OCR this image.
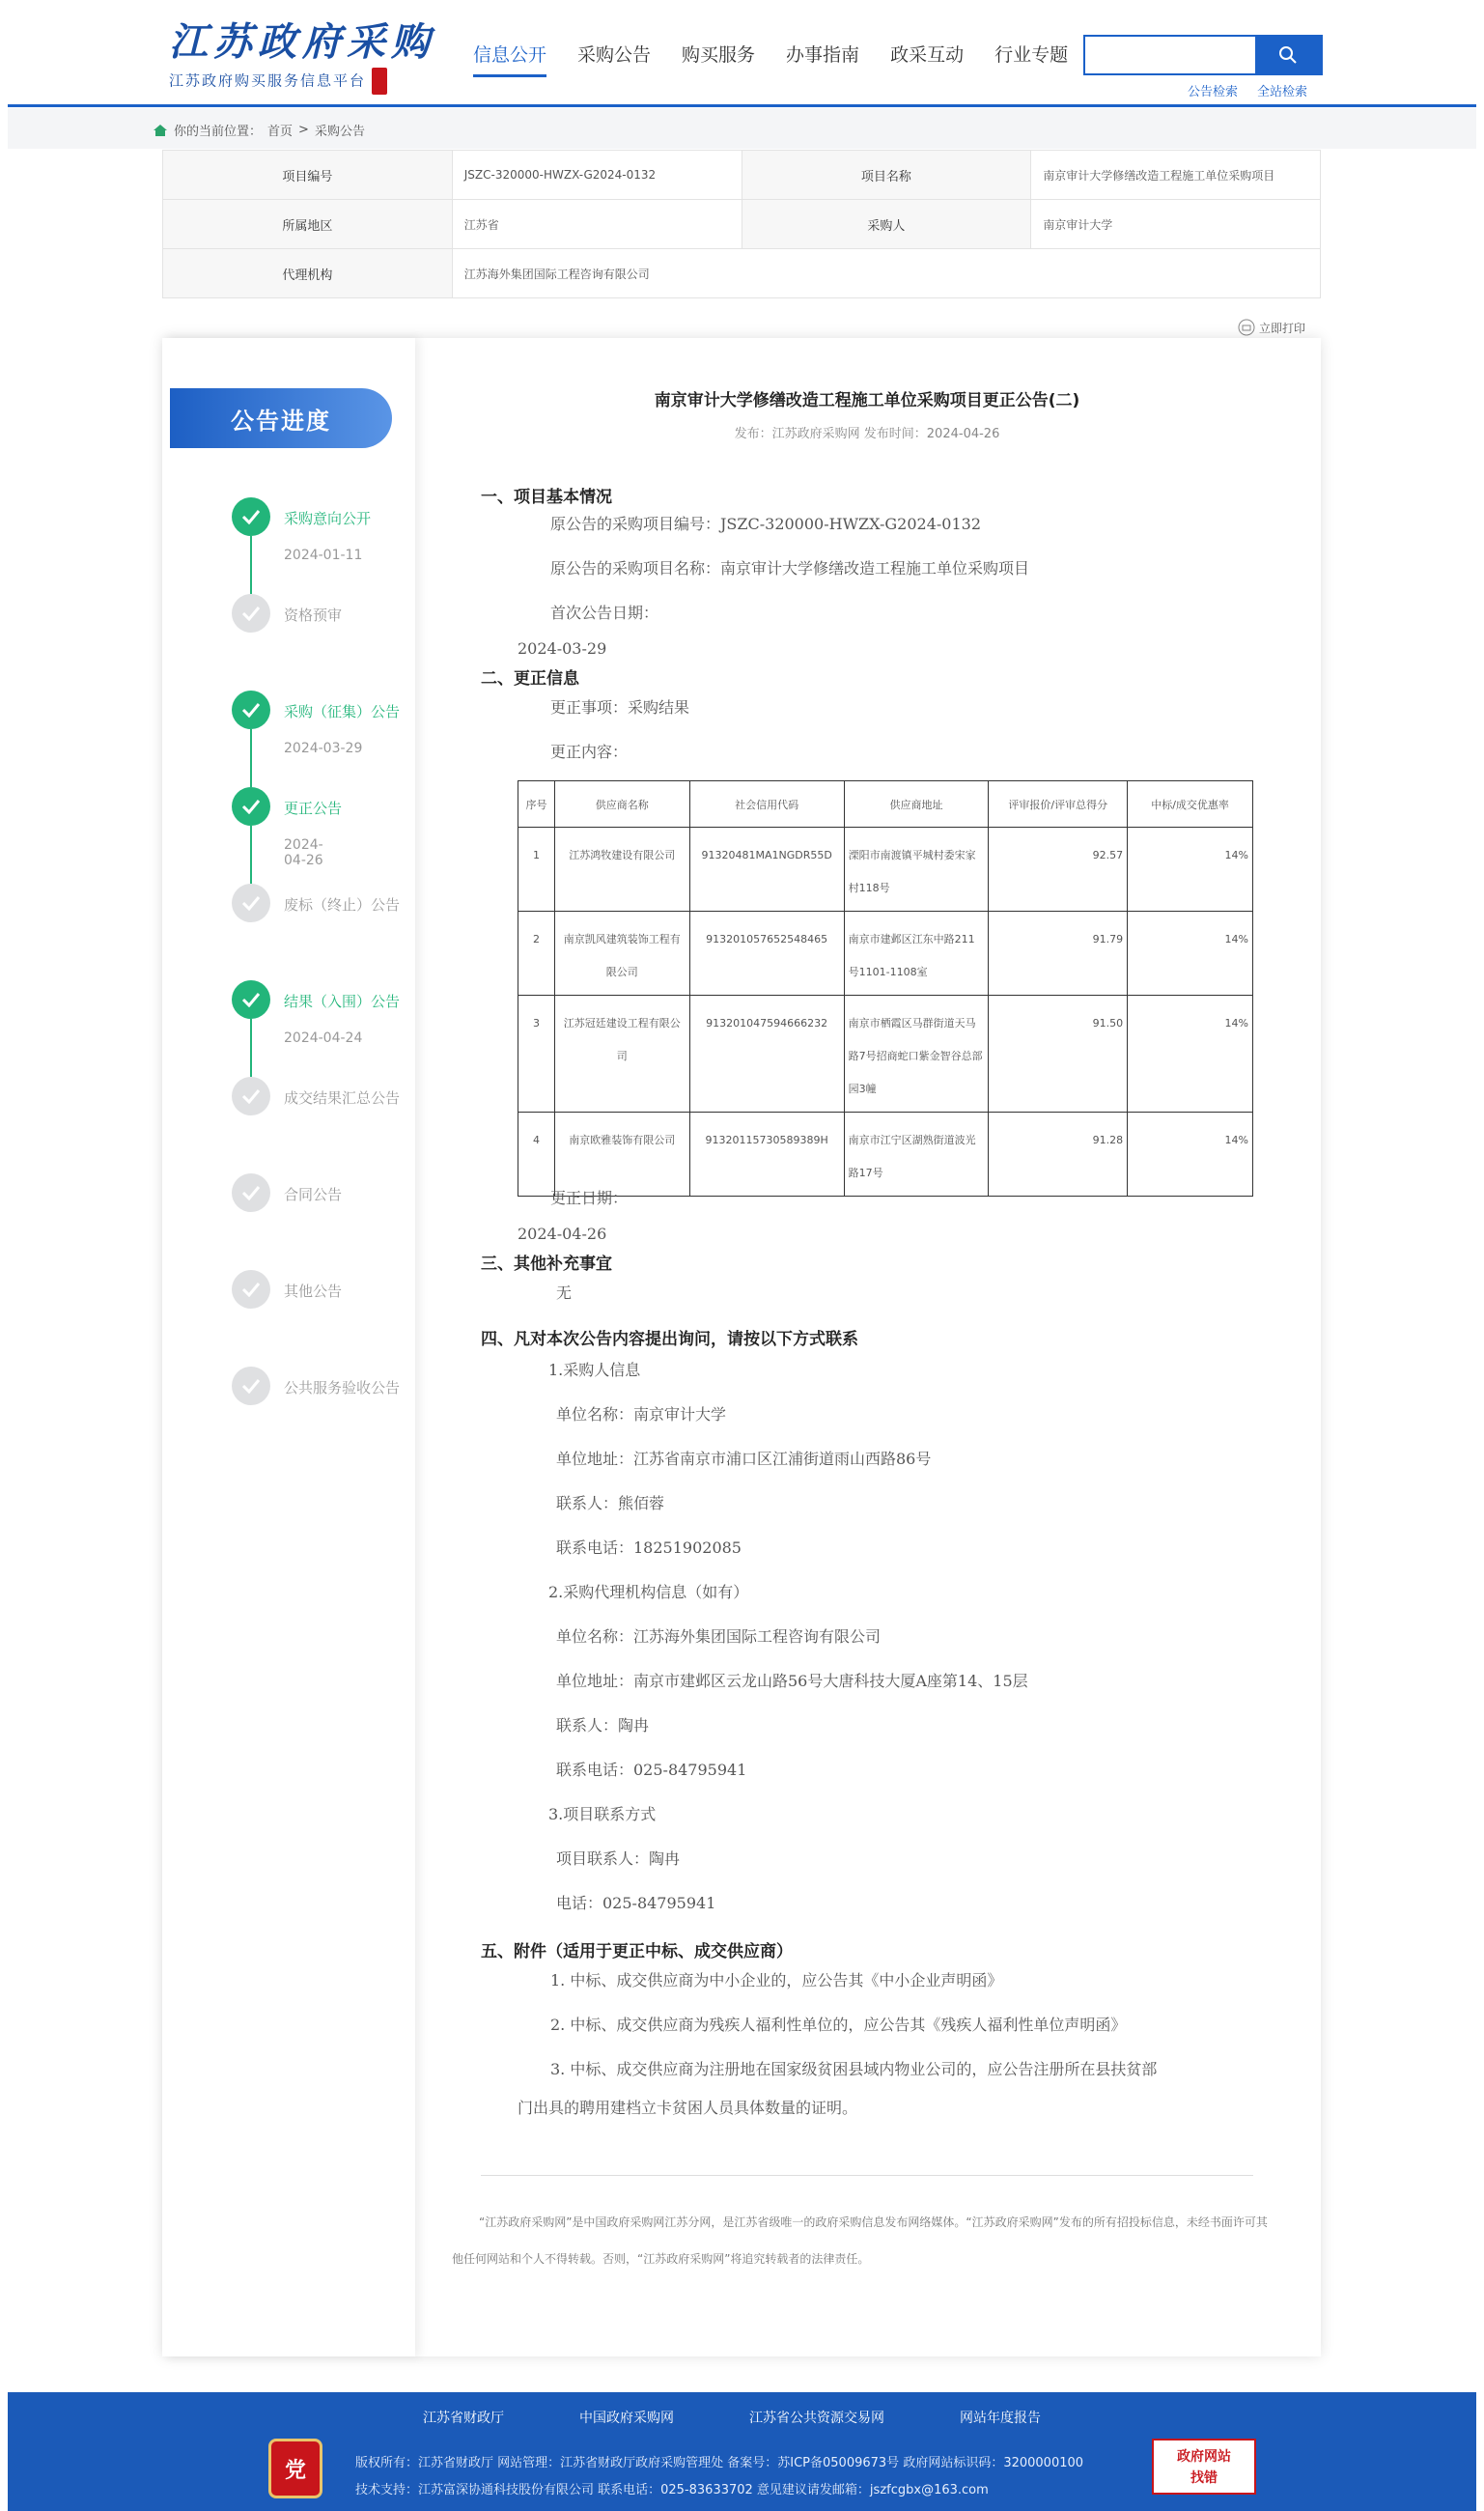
江苏政府采购
江苏政府购买服务信息平台
信息公开 采购公告 购买服务 办事指南 政采互动 行业专题
公告检索 全站检索
你的当前位置： 首页 > 采购公告
项目编号	JSZC-320000-HWZX-G2024-0132	项目名称	南京审计大学修缮改造工程施工单位采购项目
所属地区	江苏省	采购人	南京审计大学
代理机构	江苏海外集团国际工程咨询有限公司		
立即打印
公告进度
采购意向公开
2024-01-11
资格预审
采购（征集）公告
2024-03-29
更正公告
2024-04-26
废标（终止）公告
结果（入围）公告
2024-04-24
成交结果汇总公告
合同公告
其他公告
公共服务验收公告
南京审计大学修缮改造工程施工单位采购项目更正公告(二)
发布：江苏政府采购网 发布时间：2024-04-26
一、项目基本情况
原公告的采购项目编号：JSZC-320000-HWZX-G2024-0132
原公告的采购项目名称：南京审计大学修缮改造工程施工单位采购项目
首次公告日期：
2024-03-29
二、更正信息
更正事项：采购结果
更正内容：
序号	供应商名称	社会信用代码	供应商地址	评审报价/评审总得分	中标/成交优惠率
1	江苏鸿牧建设有限公司	91320481MA1NGDR55D	溧阳市南渡镇平城村委宋家村118号	92.57	14%
2	南京凯风建筑装饰工程有限公司	913201057652548465	南京市建邺区江东中路211号1101-1108室	91.79	14%
3	江苏冠廷建设工程有限公司	913201047594666232	南京市栖霞区马群街道天马路7号招商蛇口紫金智谷总部园3幢	91.50	14%
4	南京欧雅装饰有限公司	91320115730589389H	南京市江宁区湖熟街道波光路17号	91.28	14%
更正日期：
2024-04-26
三、其他补充事宜
无
四、凡对本次公告内容提出询问，请按以下方式联系
1.采购人信息
单位名称：南京审计大学
单位地址：江苏省南京市浦口区江浦街道雨山西路86号
联系人：熊佰蓉
联系电话：18251902085
2.采购代理机构信息（如有）
单位名称：江苏海外集团国际工程咨询有限公司
单位地址：南京市建邺区云龙山路56号大唐科技大厦A座第14、15层
联系人：陶冉
联系电话：025-84795941
3.项目联系方式
项目联系人：陶冉
电话：025-84795941
五、附件（适用于更正中标、成交供应商）
1. 中标、成交供应商为中小企业的，应公告其《中小企业声明函》
2. 中标、成交供应商为残疾人福利性单位的，应公告其《残疾人福利性单位声明函》
3. 中标、成交供应商为注册地在国家级贫困县域内物业公司的，应公告注册所在县扶贫部
门出具的聘用建档立卡贫困人员具体数量的证明。
“江苏政府采购网”是中国政府采购网江苏分网，是江苏省级唯一的政府采购信息发布网络媒体。“江苏政府采购网”发布的所有招投标信息，未经书面许可其他任何网站和个人不得转载。否则，“江苏政府采购网”将追究转载者的法律责任。
江苏省财政厅	中国政府采购网	江苏省公共资源交易网	网站年度报告
党	版权所有：江苏省财政厅 网站管理：江苏省财政厅政府采购管理处 备案号：苏ICP备05009673号 政府网站标识码：3200000100
技术支持：江苏富深协通科技股份有限公司 联系电话：025-83633702 意见建议请发邮箱：jszfcgbx@163.com
政府网站
找错
